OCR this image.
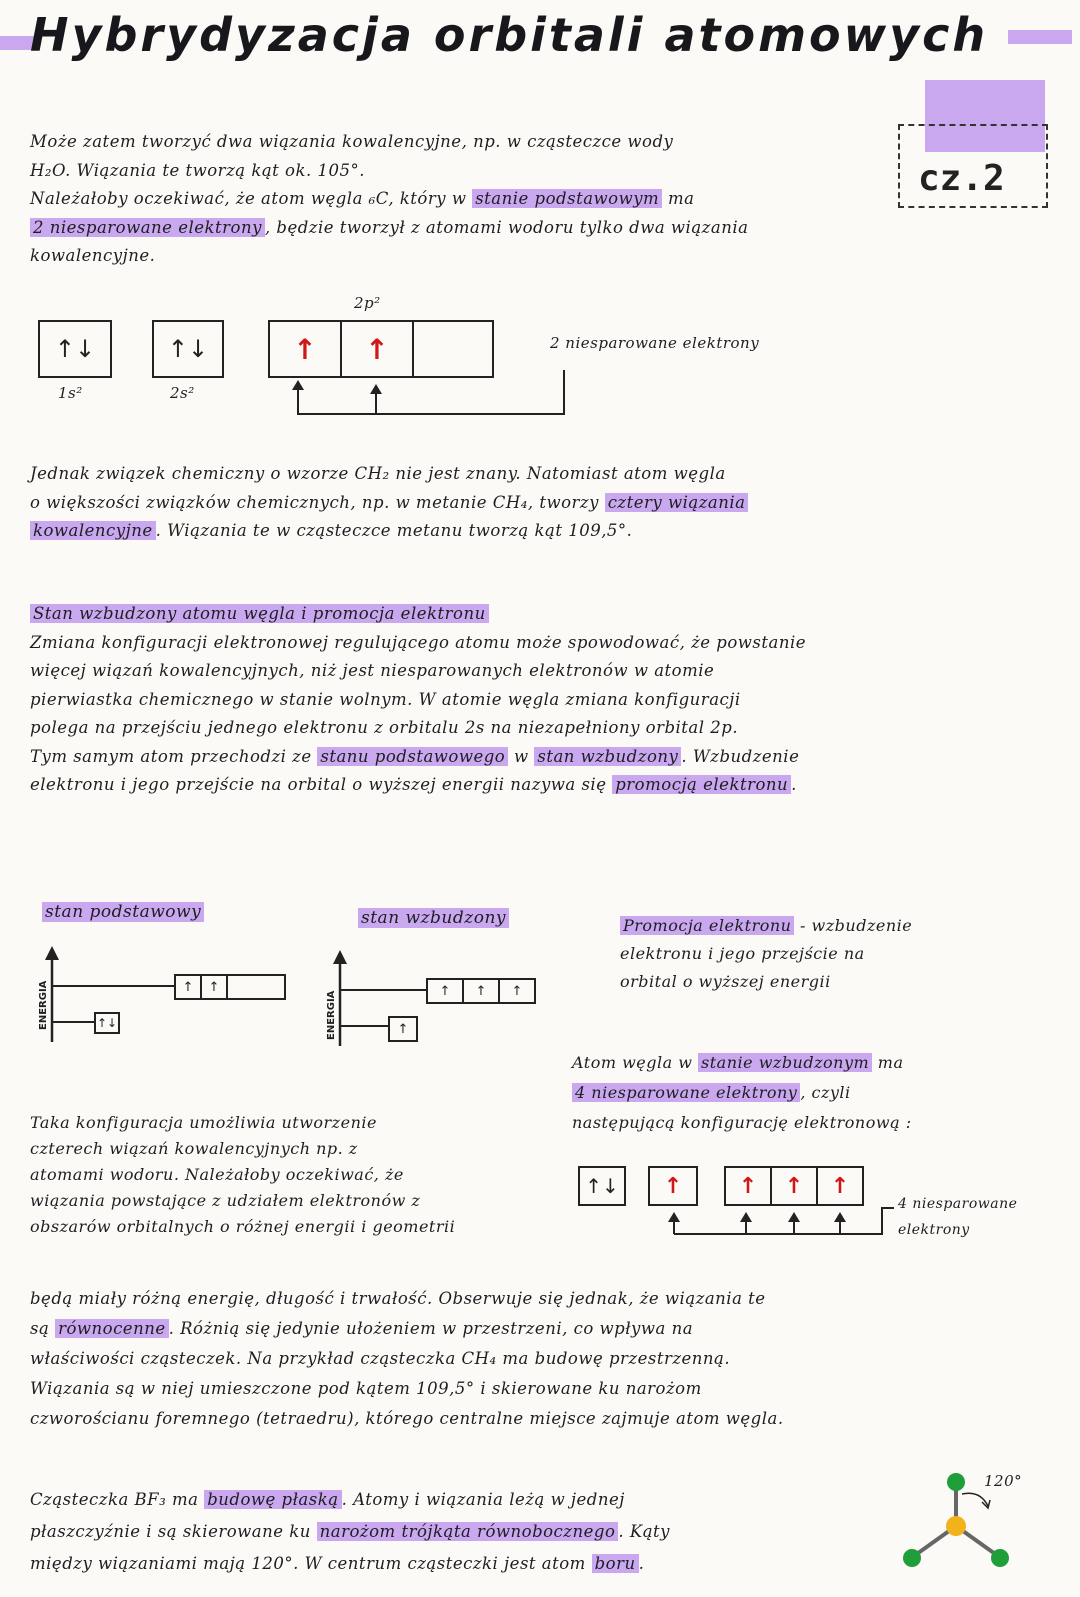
Hybrydyzacja orbitali atomowych
cz.2

Może zatem tworzyć dwa wiązania kowalencyjne, np. w cząsteczce wody

H₂O. Wiązania te tworzą kąt ok. 105°.

Należałoby oczekiwać, że atom węgla ₆C, który w stanie podstawowym ma

2 niesparowane elektrony , będzie tworzył z atomami wodoru tylko dwa wiązania

kowalencyjne.

↑↓	↑↓	↑	↑
1s²	2s²
2p²
2 niesparowane elektrony

Jednak związek chemiczny o wzorze CH₂ nie jest znany. Natomiast atom węgla

o większości związków chemicznych, np. w metanie CH₄, tworzy cztery wiązania

kowalencyjne . Wiązania te w cząsteczce metanu tworzą kąt 109,5°.

Stan wzbudzony atomu węgla i promocja elektronu

Zmiana konfiguracji elektronowej regulującego atomu może spowodować, że powstanie

więcej wiązań kowalencyjnych, niż jest niesparowanych elektronów w atomie

pierwiastka chemicznego w stanie wolnym. W atomie węgla zmiana konfiguracji

polega na przejściu jednego elektronu z orbitalu 2s na niezapełniony orbital 2p.

Tym samym atom przechodzi ze stanu podstawowego w stan wzbudzony . Wzbudzenie

elektronu i jego przejście na orbital o wyższej energii nazywa się promocją elektronu .

stan podstawowy
ENERGIA	↑↓
↑	↑
stan wzbudzony
ENERGIA	↑
↑	↑	↑

Promocja elektronu - wzbudzenie

elektronu i jego przejście na

orbital o wyższej energii

Atom węgla w stanie wzbudzonym ma

4 niesparowane elektrony , czyli

następującą konfigurację elektronową :

↑↓	↑	↑	↑	↑
4 niesparowane
elektrony

Taka konfiguracja umożliwia utworzenie

czterech wiązań kowalencyjnych np. z

atomami wodoru. Należałoby oczekiwać, że

wiązania powstające z udziałem elektronów z

obszarów orbitalnych o różnej energii i geometrii

będą miały różną energię, długość i trwałość. Obserwuje się jednak, że wiązania te

są równocenne . Różnią się jedynie ułożeniem w przestrzeni, co wpływa na

właściwości cząsteczek. Na przykład cząsteczka CH₄ ma budowę przestrzenną.

Wiązania są w niej umieszczone pod kątem 109,5° i skierowane ku narożom

czworościanu foremnego (tetraedru), którego centralne miejsce zajmuje atom węgla.

Cząsteczka BF₃ ma budowę płaską . Atomy i wiązania leżą w jednej

płaszczyźnie i są skierowane ku narożom trójkąta równobocznego . Kąty

między wiązaniami mają 120°. W centrum cząsteczki jest atom boru .

120°
